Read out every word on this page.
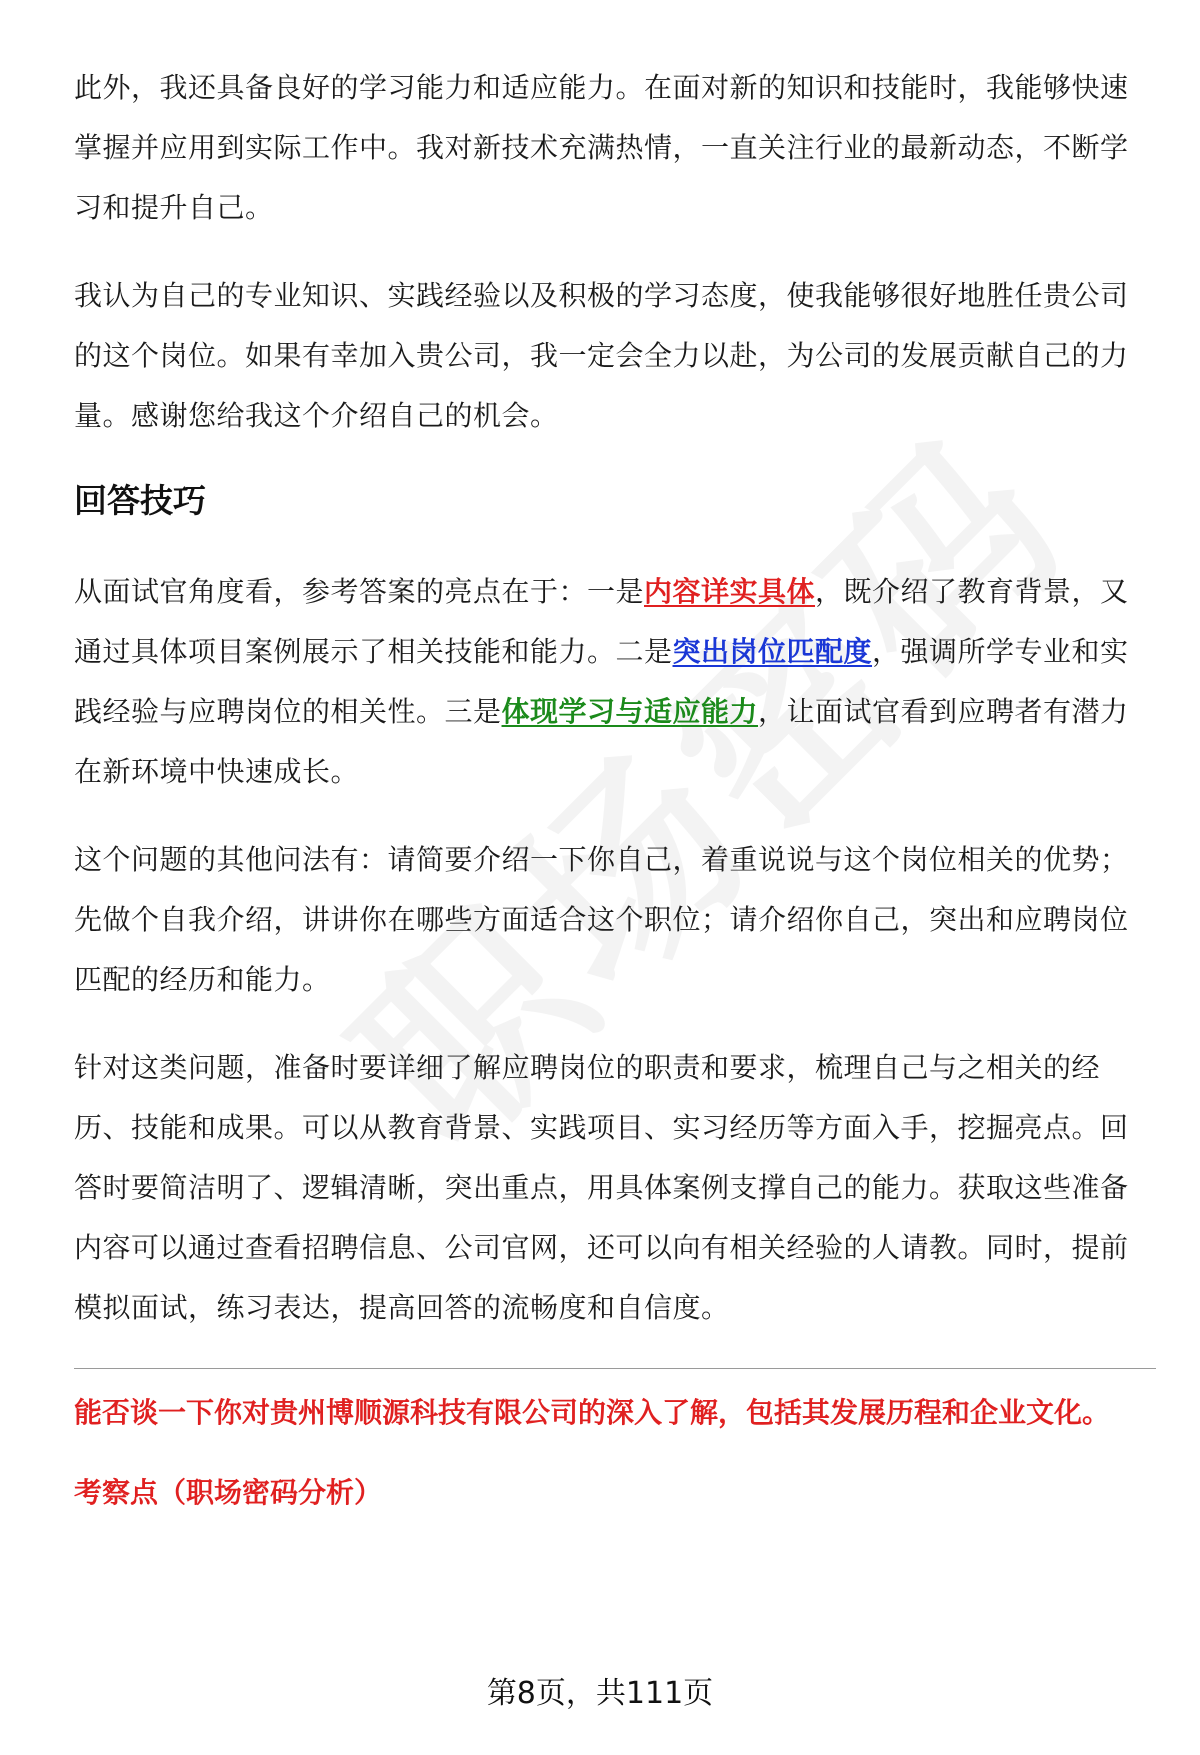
此外，我还具备良好的学习能力和适应能力。在面对新的知识和技能时，我能够快速掌握并应用到实际工作中。我对新技术充满热情，一直关注行业的最新动态，不断学习和提升自己。

我认为自己的专业知识、实践经验以及积极的学习态度，使我能够很好地胜任贵公司的这个岗位。如果有幸加入贵公司，我一定会全力以赴，为公司的发展贡献自己的力量。感谢您给我这个介绍自己的机会。

回答技巧

从面试官角度看，参考答案的亮点在于：一是内容详实具体，既介绍了教育背景，又通过具体项目案例展示了相关技能和能力。二是突出岗位匹配度，强调所学专业和实践经验与应聘岗位的相关性。三是体现学习与适应能力，让面试官看到应聘者有潜力在新环境中快速成长。

这个问题的其他问法有：请简要介绍一下你自己，着重说说与这个岗位相关的优势；先做个自我介绍，讲讲你在哪些方面适合这个职位；请介绍你自己，突出和应聘岗位匹配的经历和能力。

针对这类问题，准备时要详细了解应聘岗位的职责和要求，梳理自己与之相关的经历、技能和成果。可以从教育背景、实践项目、实习经历等方面入手，挖掘亮点。回答时要简洁明了、逻辑清晰，突出重点，用具体案例支撑自己的能力。获取这些准备内容可以通过查看招聘信息、公司官网，还可以向有相关经验的人请教。同时，提前模拟面试，练习表达，提高回答的流畅度和自信度。

能否谈一下你对贵州博顺源科技有限公司的深入了解，包括其发展历程和企业文化。
考察点（职场密码分析）
第8页，共111页
